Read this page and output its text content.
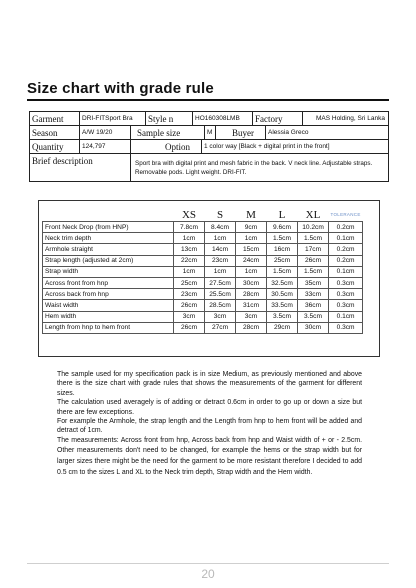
Size chart with grade rule
Garment	DRI-FITSport Bra	Style n	HO160308LMB	Factory	MAS Holding, Sri Lanka
Season	A/W 19/20	Sample size	M	Buyer	Alessia Greco
Quantity	124,797	Option	1 color way [Black + digital print in the front]
Brief description	Sport bra with digital print and mesh fabric in the back. V neck line. Adjustable straps. Removable pods. Light weight. DRI-FIT.
	XS	S	M	L	XL	TOLERANCE
Front Neck Drop (from HNP)	7.8cm	8.4cm	9cm	9.6cm	10.2cm	0.2cm
Neck trim depth	1cm	1cm	1cm	1.5cm	1.5cm	0.1cm
Armhole straight	13cm	14cm	15cm	16cm	17cm	0.2cm
Strap length (adjusted at 2cm)	22cm	23cm	24cm	25cm	26cm	0.2cm
Strap width	1cm	1cm	1cm	1.5cm	1.5cm	0.1cm
Across front from hnp	25cm	27.5cm	30cm	32.5cm	35cm	0.3cm
Across back from hnp	23cm	25.5cm	28cm	30.5cm	33cm	0.3cm
Waist width	26cm	28.5cm	31cm	33.5cm	36cm	0.3cm
Hem width	3cm	3cm	3cm	3.5cm	3.5cm	0.1cm
Length from hnp to hem front	26cm	27cm	28cm	29cm	30cm	0.3cm

The sample used for my specification pack is in size Medium, as previously mentioned and above there is the size chart with grade rules that shows the measurements of the garment for different sizes.

The calculation used averagely is of adding or detract 0.6cm in order to go up or down a size but there are few exceptions.

For example the Armhole, the strap length and the Length from hnp to hem front will be added and detract of 1cm.

The measurements: Across front from hnp, Across back from hnp and Waist width of + or - 2.5cm. Other measurements don't need to be changed, for example the hems or the strap width but for larger sizes there might be the need for the garment to be more resistant therefore I decided to add 0.5 cm to the sizes L and XL to the Neck trim depth, Strap width and the Hem width.

20
